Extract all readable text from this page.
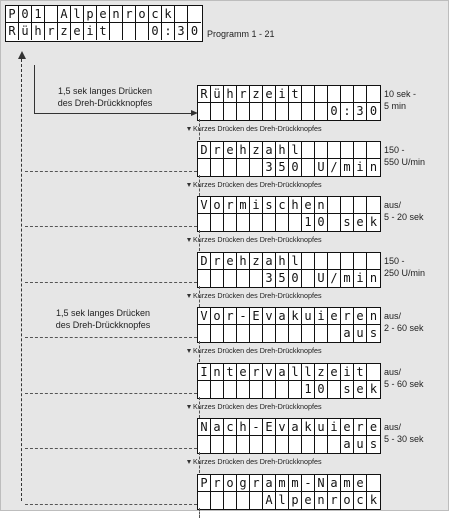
P 0 1 A l p e n r o c k
R ü h r z e i t	0 : 3 0 Programm 1 - 21
1,5 sek langes Drücken
des Dreh-Drückknopfes
1,5 sek langes Drücken
des Dreh-Drückknopfes
R ü h r z e i t
0 : 3 0
10 sek -
5 min
Kurzes Drücken des Dreh-Drückknopfes
D r e h z a h l
3 5 0 U / m i n
150 -
550 U/min
Kurzes Drücken des Dreh-Drückknopfes
V o r m i s c h e n
1 0 s e k
aus/
5 - 20 sek
Kurzes Drücken des Dreh-Drückknopfes
D r e h z a h l
3 5 0 U / m i n
150 -
250 U/min
Kurzes Drücken des Dreh-Drückknopfes
V o r - E v a k u i e r e n
a u s
aus/
2 - 60 sek
Kurzes Drücken des Dreh-Drückknopfes
I n t e r v a l l z e i t
1 0 s e k
aus/
5 - 60 sek
Kurzes Drücken des Dreh-Drückknopfes
N a c h - E v a k u i e r e
a u s
aus/
5 - 30 sek
Kurzes Drücken des Dreh-Drückknopfes
P r o g r a m m - N a m e
A l p e n r o c k
